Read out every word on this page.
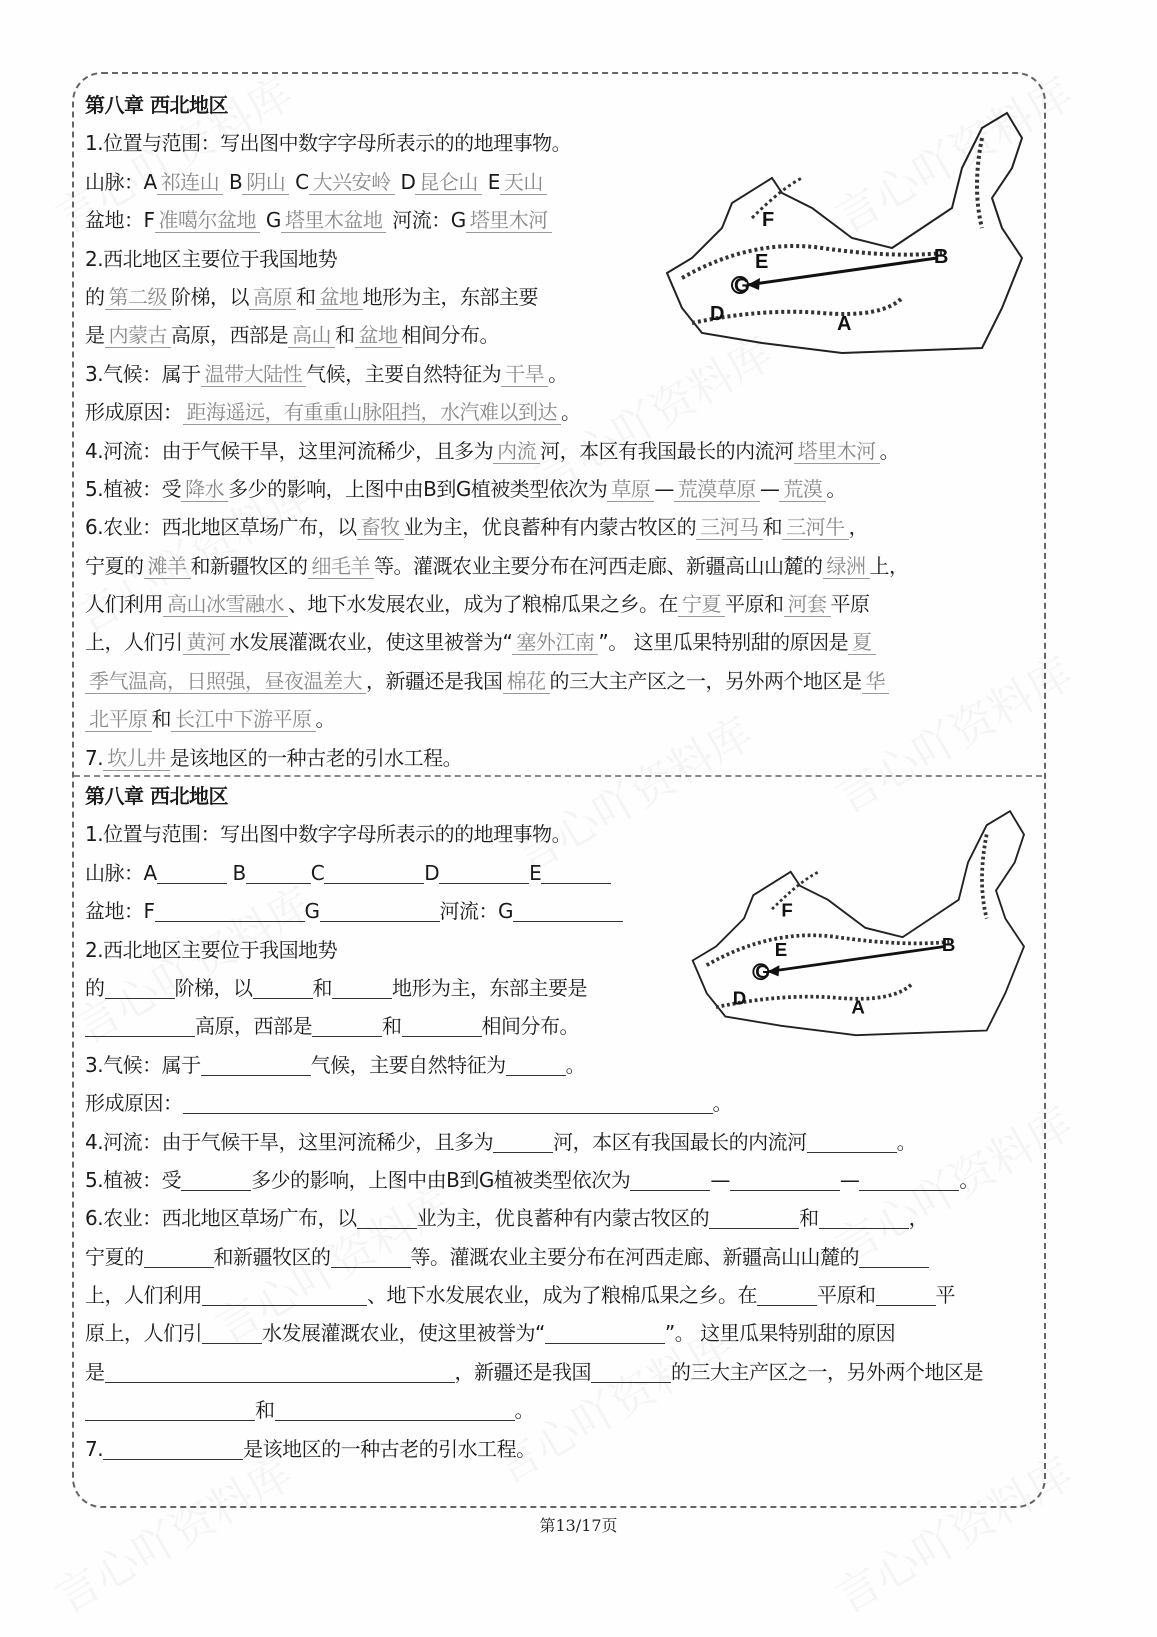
第八章 西北地区
1.位置与范围：写出图中数字字母所表示的的地理事物。
山脉：A 祁连山 B 阴山 C 大兴安岭 D 昆仑山 E 天山
盆地：F 准噶尔盆地 G 塔里木盆地 河流：G 塔里木河
2.西北地区主要位于我国地势
的 第二级 阶梯，以 高原 和 盆地 地形为主，东部主要
是 内蒙古 高原，西部是 高山 和 盆地 相间分布。
3.气候：属于 温带大陆性 气候，主要自然特征为 干旱 。
形成原因： 距海遥远，有重重山脉阻挡，水汽难以到达 。
4.河流：由于气候干旱，这里河流稀少，且多为 内流 河，本区有我国最长的内流河 塔里木河 。
5.植被：受 降水 多少的影响，上图中由B到G植被类型依次为 草原 — 荒漠草原 — 荒漠 。
6.农业：西北地区草场广布，以 畜牧 业为主，优良蓄种有内蒙古牧区的 三河马 和 三河牛 ，
宁夏的 滩羊 和新疆牧区的 细毛羊 等。灌溉农业主要分布在河西走廊、新疆高山山麓的 绿洲 上，
人们利用 高山冰雪融水 、地下水发展农业，成为了粮棉瓜果之乡。在 宁夏 平原和 河套 平原
上，人们引 黄河 水发展灌溉农业，使这里被誉为“ 塞外江南 ”。 这里瓜果特别甜的原因是 夏
季气温高，日照强，昼夜温差大 ，新疆还是我国 棉花 的三大主产区之一，另外两个地区是 华
北平原 和 长江中下游平原 。
7. 坎儿井 是该地区的一种古老的引水工程。
第八章 西北地区
1.位置与范围：写出图中数字字母所表示的的地理事物。
山脉：A	B	C	D	E
盆地：F	G	河流：G
2.西北地区主要位于我国地势
的	阶梯，以	和	地形为主，东部主要是
高原，西部是	和	相间分布。
3.气候：属于	气候，主要自然特征为	。
形成原因：	。
4.河流：由于气候干旱，这里河流稀少，且多为	河，本区有我国最长的内流河	。
5.植被：受	多少的影响，上图中由B到G植被类型依次为	—	—	。
6.农业：西北地区草场广布，以	业为主，优良蓄种有内蒙古牧区的	和	，
宁夏的	和新疆牧区的	等。灌溉农业主要分布在河西走廊、新疆高山山麓的
上，人们利用	、地下水发展农业，成为了粮棉瓜果之乡。在	平原和	平
原上，人们引	水发展灌溉农业，使这里被誉为“	”。 这里瓜果特别甜的原因
是	，新疆还是我国	的三大主产区之一，另外两个地区是
和	。
7.	是该地区的一种古老的引水工程。
F
E
G
B
D	A
F
E
G
B
D	A
第13/17页
